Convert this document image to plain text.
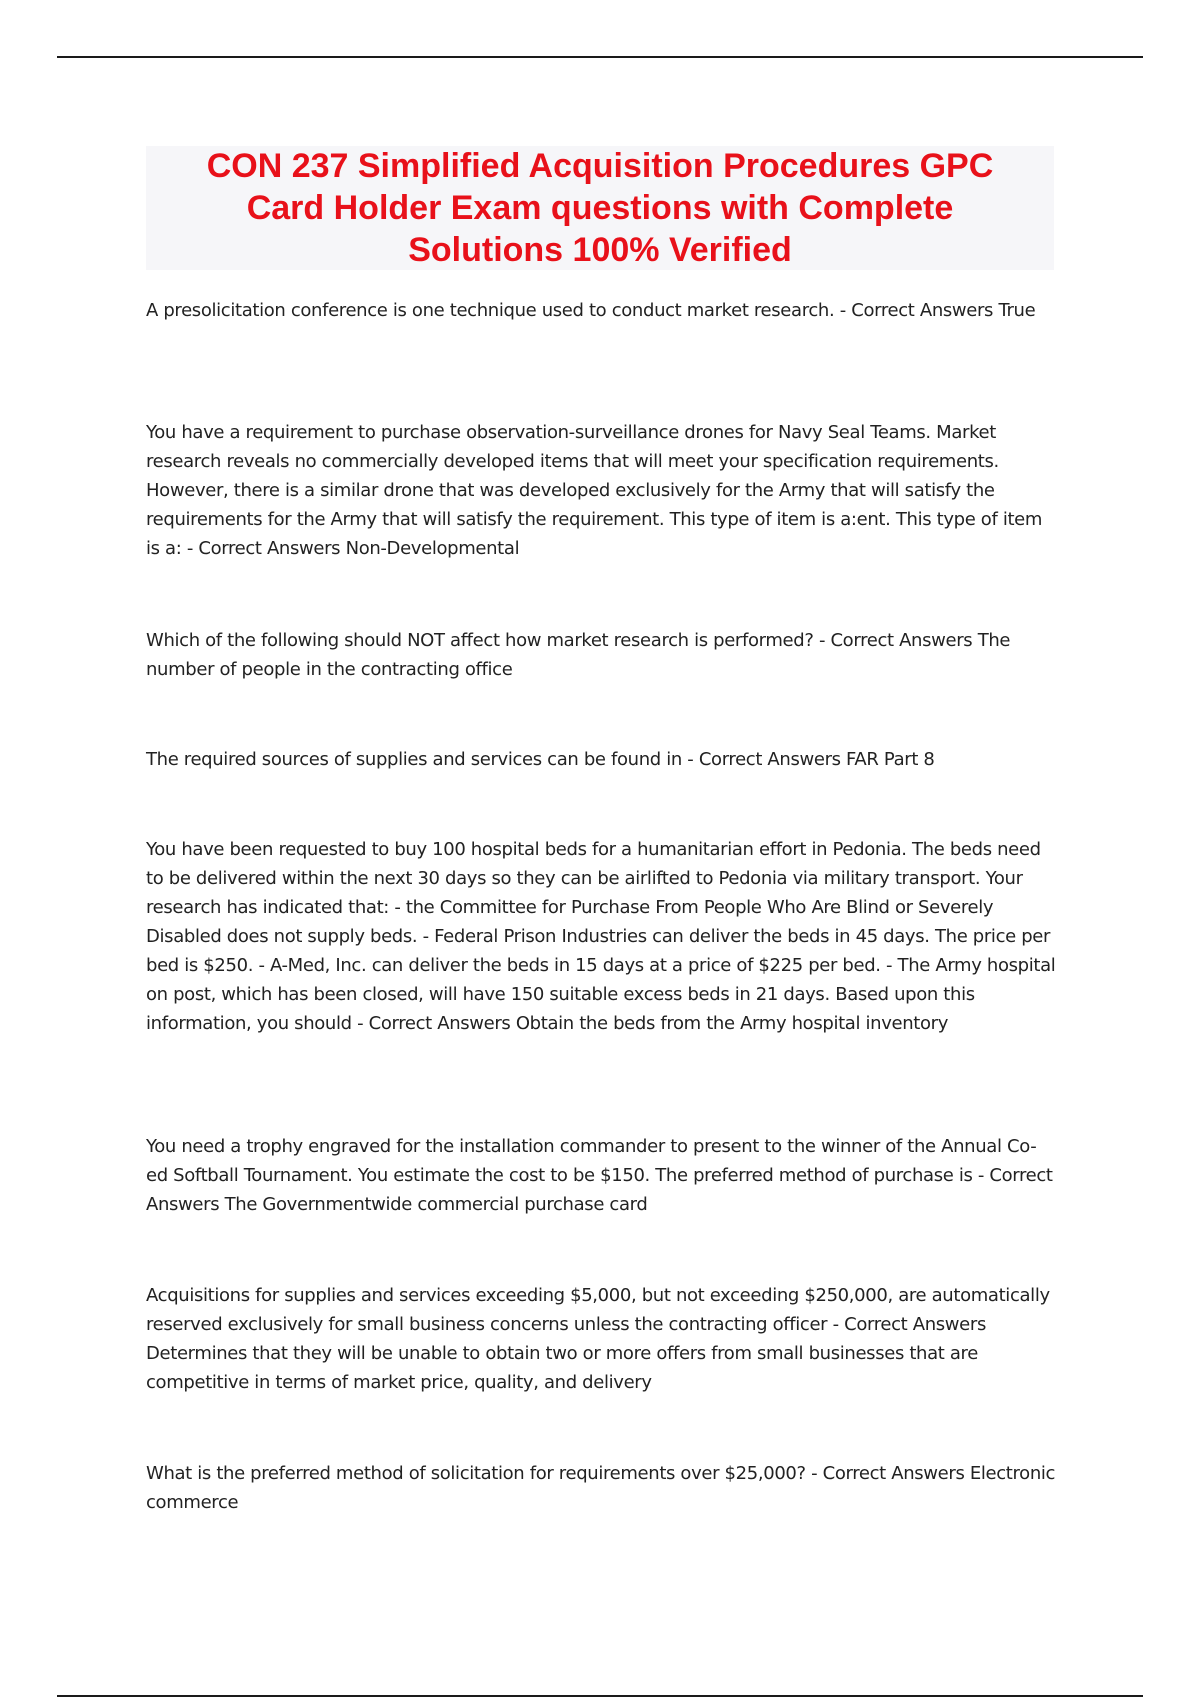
CON 237 Simplified Acquisition Procedures GPC Card Holder Exam questions with Complete Solutions 100% Verified

A presolicitation conference is one technique used to conduct market research. - Correct Answers True

You have a requirement to purchase observation-surveillance drones for Navy Seal Teams. Market research reveals no commercially developed items that will meet your specification requirements. However, there is a similar drone that was developed exclusively for the Army that will satisfy the requirements for the Army that will satisfy the requirement. This type of item is a:ent. This type of item is a: - Correct Answers Non-Developmental

Which of the following should NOT affect how market research is performed? - Correct Answers The number of people in the contracting office

The required sources of supplies and services can be found in - Correct Answers FAR Part 8

You have been requested to buy 100 hospital beds for a humanitarian effort in Pedonia. The beds need to be delivered within the next 30 days so they can be airlifted to Pedonia via military transport. Your research has indicated that: - the Committee for Purchase From People Who Are Blind or Severely Disabled does not supply beds. - Federal Prison Industries can deliver the beds in 45 days. The price per bed is $250. - A-Med, Inc. can deliver the beds in 15 days at a price of $225 per bed. - The Army hospital on post, which has been closed, will have 150 suitable excess beds in 21 days. Based upon this information, you should - Correct Answers Obtain the beds from the Army hospital inventory

You need a trophy engraved for the installation commander to present to the winner of the Annual Co-ed Softball Tournament. You estimate the cost to be $150. The preferred method of purchase is - Correct Answers The Governmentwide commercial purchase card

Acquisitions for supplies and services exceeding $5,000, but not exceeding $250,000, are automatically reserved exclusively for small business concerns unless the contracting officer - Correct Answers Determines that they will be unable to obtain two or more offers from small businesses that are competitive in terms of market price, quality, and delivery

What is the preferred method of solicitation for requirements over $25,000? - Correct Answers Electronic commerce
